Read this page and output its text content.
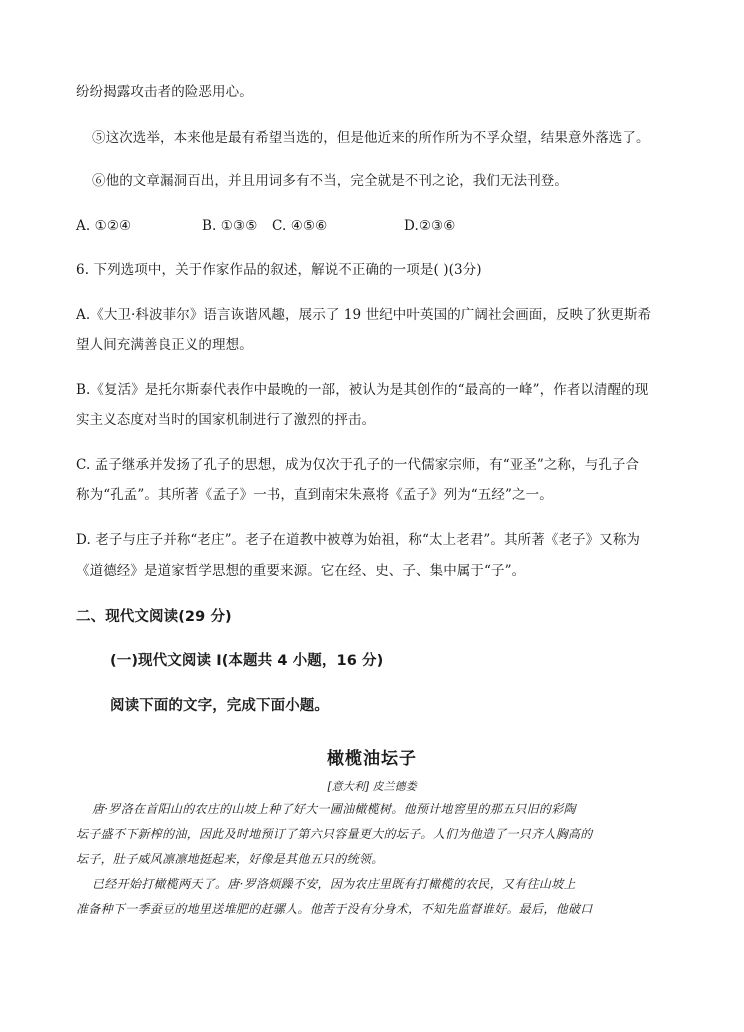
纷纷揭露攻击者的险恶用心。
⑤这次选举，本来他是最有希望当选的，但是他近来的所作所为不孚众望，结果意外落选了。
⑥他的文章漏洞百出，并且用词多有不当，完全就是不刊之论，我们无法刊登。
A. ①②④	B. ①③⑤ C. ④⑤⑥	D.②③⑥
6. 下列选项中，关于作家作品的叙述，解说不正确的一项是( )(3分)
A.《大卫·科波菲尔》语言诙谐风趣，展示了 19 世纪中叶英国的广阔社会画面，反映了狄更斯希
望人间充满善良正义的理想。
B.《复活》是托尔斯泰代表作中最晚的一部，被认为是其创作的“最高的一峰”，作者以清醒的现
实主义态度对当时的国家机制进行了激烈的抨击。
C. 孟子继承并发扬了孔子的思想，成为仅次于孔子的一代儒家宗师，有“亚圣”之称，与孔子合
称为“孔孟”。其所著《孟子》一书，直到南宋朱熹将《孟子》列为“五经”之一。
D. 老子与庄子并称“老庄”。老子在道教中被尊为始祖，称“太上老君”。其所著《老子》又称为
《道德经》是道家哲学思想的重要来源。它在经、史、子、集中属于“子”。
二、现代文阅读(29 分)
(一)现代文阅读 I(本题共 4 小题，16 分)
阅读下面的文字，完成下面小题。
橄榄油坛子
[意大利] 皮兰德娄
唐·罗洛在首阳山的农庄的山坡上种了好大一圃油橄榄树。他预计地窖里的那五只旧的彩陶
坛子盛不下新榨的油，因此及时地预订了第六只容量更大的坛子。人们为他造了一只齐人胸高的
坛子，肚子威风凛凛地挺起来，好像是其他五只的统领。
已经开始打橄榄两天了。唐·罗洛烦躁不安，因为农庄里既有打橄榄的农民，又有往山坡上
准备种下一季蚕豆的地里送堆肥的赶骡人。他苦于没有分身术，不知先监督谁好。最后，他破口
